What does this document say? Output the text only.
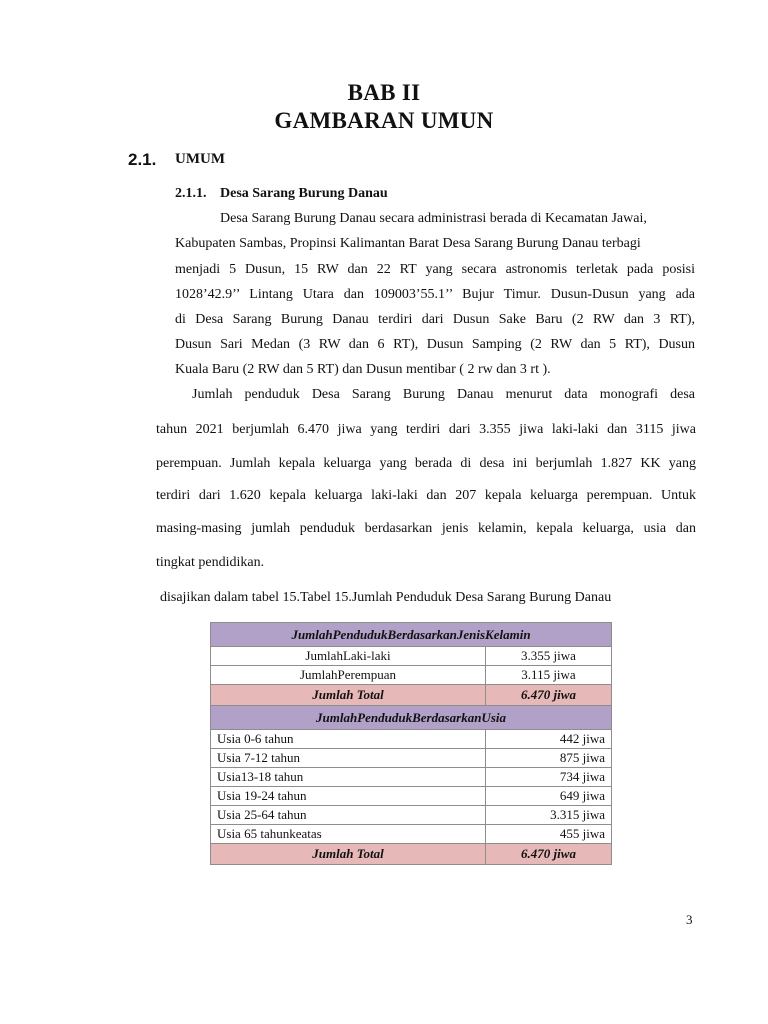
BAB II
GAMBARAN UMUN
2.1. UMUM
2.1.1. Desa Sarang Burung Danau
Desa Sarang Burung Danau secara administrasi berada di Kecamatan Jawai,
Kabupaten Sambas, Propinsi Kalimantan Barat Desa Sarang Burung Danau terbagi
menjadi 5 Dusun, 15 RW dan 22 RT yang secara astronomis terletak pada posisi
1028’42.9’’ Lintang Utara dan 109003’55.1’’ Bujur Timur. Dusun-Dusun yang ada
di Desa Sarang Burung Danau terdiri dari Dusun Sake Baru (2 RW dan 3 RT),
Dusun Sari Medan (3 RW dan 6 RT), Dusun Samping (2 RW dan 5 RT), Dusun
Kuala Baru (2 RW dan 5 RT) dan Dusun mentibar ( 2 rw dan 3 rt ).
Jumlah penduduk Desa Sarang Burung Danau menurut data monografi desa
tahun 2021 berjumlah 6.470 jiwa yang terdiri dari 3.355 jiwa laki-laki dan 3115 jiwa
perempuan. Jumlah kepala keluarga yang berada di desa ini berjumlah 1.827 KK yang
terdiri dari 1.620 kepala keluarga laki-laki dan 207 kepala keluarga perempuan. Untuk
masing-masing jumlah penduduk berdasarkan jenis kelamin, kepala keluarga, usia dan
tingkat pendidikan.
disajikan dalam tabel 15.Tabel 15.Jumlah Penduduk Desa Sarang Burung Danau
JumlahPendudukBerdasarkanJenisKelamin	
JumlahLaki-laki	3.355 jiwa
JumlahPerempuan	3.115 jiwa
Jumlah Total	6.470 jiwa
JumlahPendudukBerdasarkanUsia	
Usia 0-6 tahun	442 jiwa
Usia 7-12 tahun	875 jiwa
Usia13-18 tahun	734 jiwa
Usia 19-24 tahun	649 jiwa
Usia 25-64 tahun	3.315 jiwa
Usia 65 tahunkeatas	455 jiwa
Jumlah Total	6.470 jiwa
3
